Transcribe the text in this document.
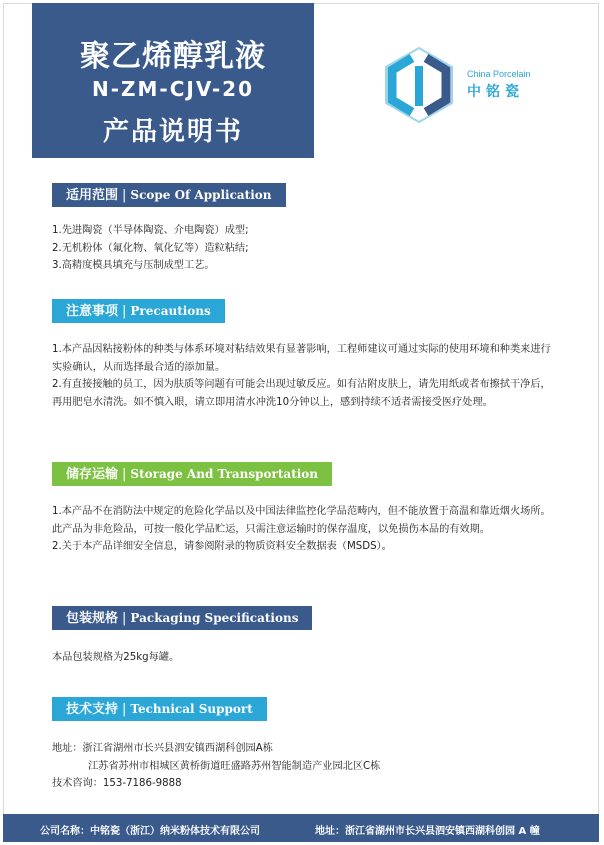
聚乙烯醇乳液
N-ZM-CJV-20
产品说明书
China Porcelain
中铭瓷
适用范围 | Scope Of Application

1.先进陶瓷（半导体陶瓷、介电陶瓷）成型;

2.无机粉体（氟化物、氧化钇等）造粒粘结;

3.高精度模具填充与压制成型工艺。

注意事项 | Precautions

1.本产品因粘接粉体的种类与体系环境对粘结效果有显著影响，工程师建议可通过实际的使用环境和种类来进行实验确认，从而选择最合适的添加量。

2.有直接接触的员工，因为肤质等问题有可能会出现过敏反应。如有沾附皮肤上，请先用纸或者布擦拭干净后，再用肥皂水清洗。如不慎入眼，请立即用清水冲洗10分钟以上，感到持续不适者需接受医疗处理。

储存运输 | Storage And Transportation

1.本产品不在消防法中规定的危险化学品以及中国法律监控化学品范畴内，但不能放置于高温和靠近烟火场所。此产品为非危险品，可按一般化学品贮运，只需注意运输时的保存温度，以免损伤本品的有效期。

2.关于本产品详细安全信息，请参阅附录的物质资料安全数据表（MSDS）。

包装规格 | Packaging Specifications

本品包装规格为25kg每罐。

技术支持 | Technical Support

地址：浙江省湖州市长兴县泗安镇西湖科创园A栋

江苏省苏州市相城区黄桥街道旺盛路苏州智能制造产业园北区C栋

技术咨询：153-7186-9888

公司名称：中铭瓷（浙江）纳米粉体技术有限公司	地址：浙江省湖州市长兴县泗安镇西湖科创园 A 幢
